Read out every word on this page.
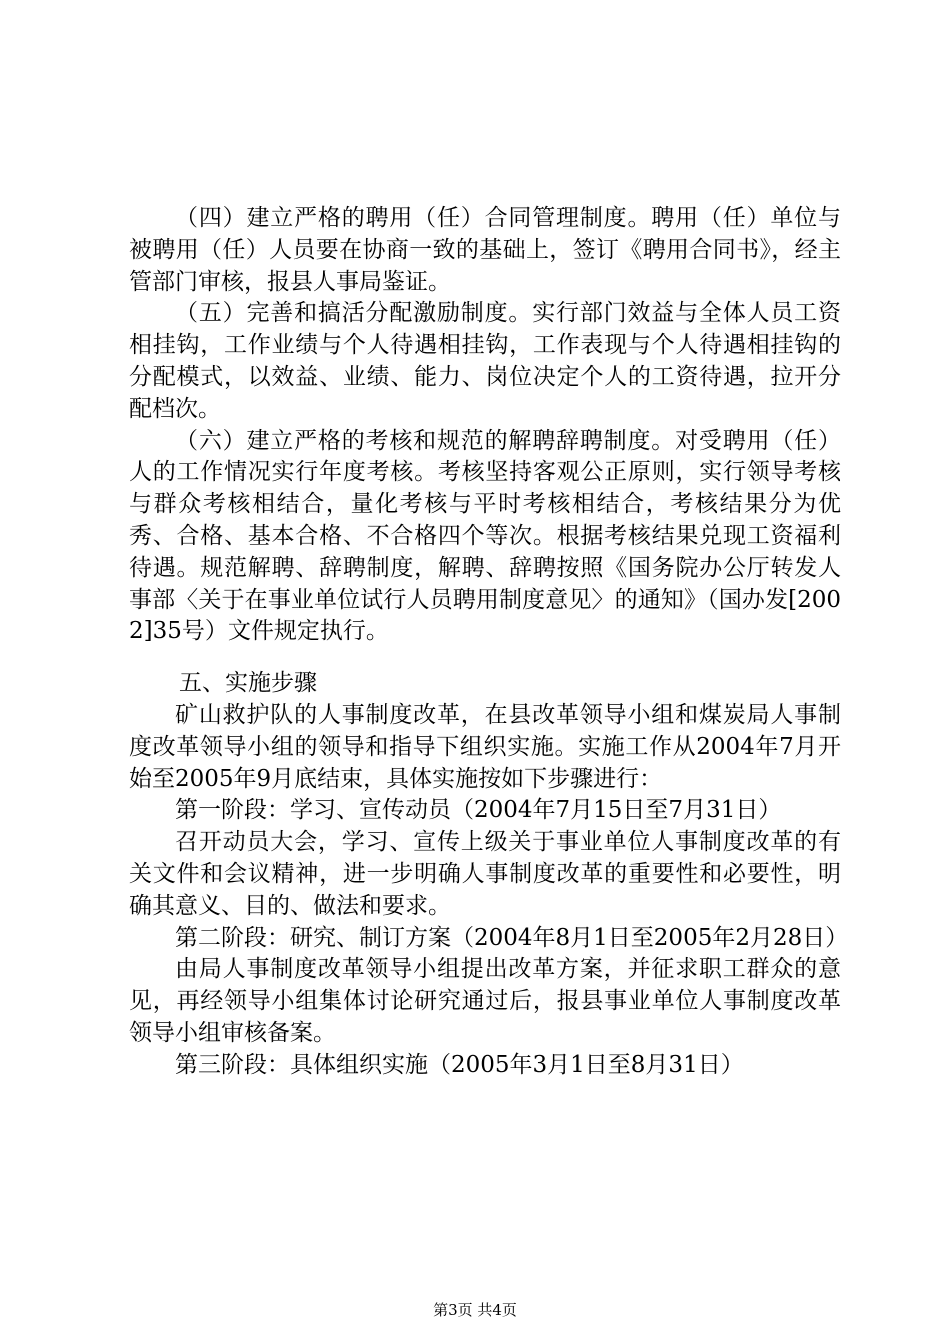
（四）建立严格的聘用（任）合同管理制度。聘用（任）单位与被聘用（任）人员要在协商一致的基础上，签订《聘用合同书》，经主管部门审核，报县人事局鉴证。

（五）完善和搞活分配激励制度。实行部门效益与全体人员工资相挂钩，工作业绩与个人待遇相挂钩，工作表现与个人待遇相挂钩的分配模式，以效益、业绩、能力、岗位决定个人的工资待遇，拉开分配档次。

（六）建立严格的考核和规范的解聘辞聘制度。对受聘用（任）人的工作情况实行年度考核。考核坚持客观公正原则，实行领导考核与群众考核相结合，量化考核与平时考核相结合，考核结果分为优秀、合格、基本合格、不合格四个等次。根据考核结果兑现工资福利待遇。规范解聘、辞聘制度，解聘、辞聘按照《国务院办公厅转发人事部〈关于在事业单位试行人员聘用制度意见〉的通知》（国办发[2002]35号）文件规定执行。

五、实施步骤

矿山救护队的人事制度改革，在县改革领导小组和煤炭局人事制度改革领导小组的领导和指导下组织实施。实施工作从2004年7月开始至2005年9月底结束，具体实施按如下步骤进行：

第一阶段：学习、宣传动员（2004年7月15日至7月31日）

召开动员大会，学习、宣传上级关于事业单位人事制度改革的有关文件和会议精神，进一步明确人事制度改革的重要性和必要性，明确其意义、目的、做法和要求。

第二阶段：研究、制订方案（2004年8月1日至2005年2月28日）

由局人事制度改革领导小组提出改革方案，并征求职工群众的意见，再经领导小组集体讨论研究通过后，报县事业单位人事制度改革领导小组审核备案。

第三阶段：具体组织实施（2005年3月1日至8月31日）

第3页 共4页
